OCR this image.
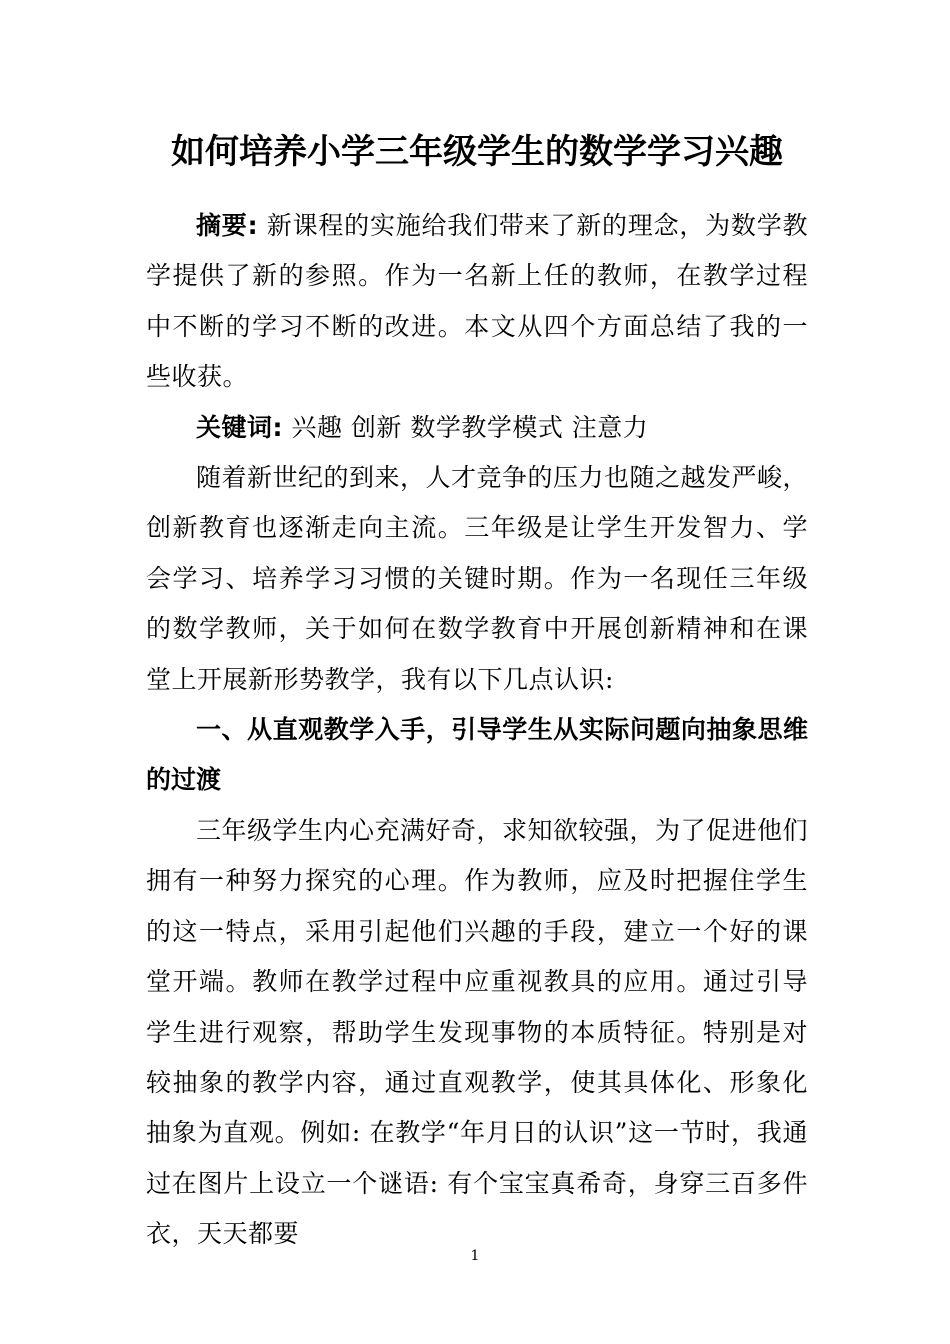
如何培养小学三年级学生的数学学习兴趣

摘要: 新课程的实施给我们带来了新的理念，为数学教学提供了新的参照。作为一名新上任的教师，在教学过程中不断的学习不断的改进。本文从四个方面总结了我的一些收获。

关键词: 兴趣 创新 数学教学模式 注意力

随着新世纪的到来，人才竞争的压力也随之越发严峻，创新教育也逐渐走向主流。三年级是让学生开发智力、学会学习、培养学习习惯的关键时期。作为一名现任三年级的数学教师，关于如何在数学教育中开展创新精神和在课堂上开展新形势教学，我有以下几点认识:

一、从直观教学入手，引导学生从实际问题向抽象思维的过渡

三年级学生内心充满好奇，求知欲较强，为了促进他们拥有一种努力探究的心理。作为教师，应及时把握住学生的这一特点，采用引起他们兴趣的手段，建立一个好的课堂开端。教师在教学过程中应重视教具的应用。通过引导学生进行观察，帮助学生发现事物的本质特征。特别是对较抽象的教学内容，通过直观教学，使其具体化、形象化抽象为直观。例如: 在教学“年月日的认识”这一节时，我通过在图片上设立一个谜语: 有个宝宝真希奇，身穿三百多件衣，天天都要

1
